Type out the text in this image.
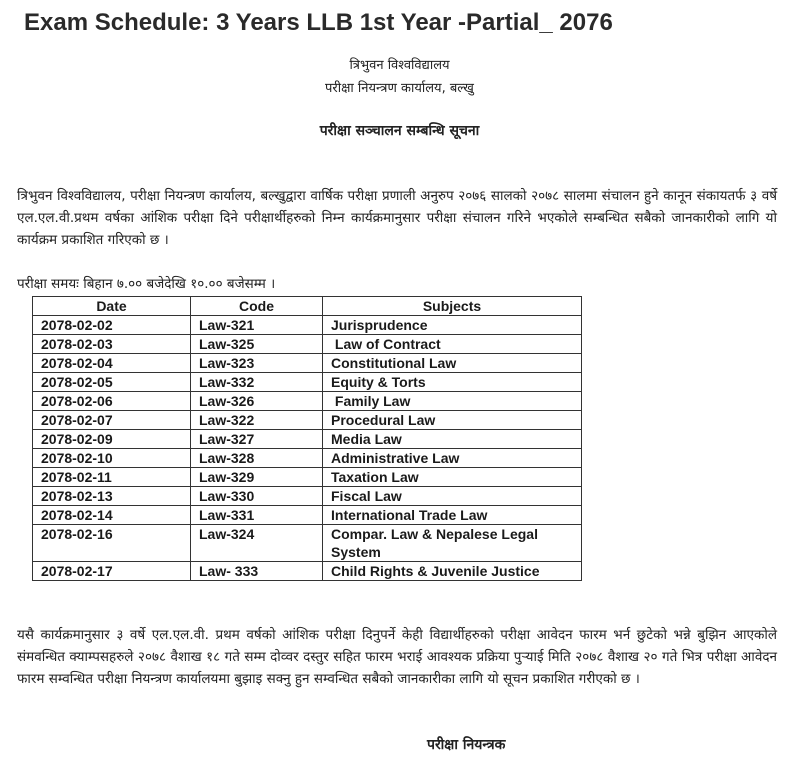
Exam Schedule: 3 Years LLB 1st Year -Partial_ 2076
त्रिभुवन विश्वविद्यालय
परीक्षा नियन्त्रण कार्यालय, बल्खु
परीक्षा सञ्चालन सम्बन्धि सूचना

त्रिभुवन विश्वविद्यालय, परीक्षा नियन्त्रण कार्यालय, बल्खुद्वारा वार्षिक परीक्षा प्रणाली अनुरुप २०७६ सालको २०७८ सालमा संचालन हुने कानून संकायतर्फ ३ वर्षे एल.एल.वी.प्रथम वर्षका आंशिक परीक्षा दिने परीक्षार्थीहरुको निम्न कार्यक्रमानुसार परीक्षा संचालन गरिने भएकोले सम्बन्धित सबैको जानकारीको लागि यो कार्यक्रम प्रकाशित गरिएको छ ।

परीक्षा समयः बिहान ७.०० बजेदेखि १०.०० बजेसम्म ।
Date	Code	Subjects
2078-02-02	Law-321	Jurisprudence
2078-02-03	Law-325	Law of Contract
2078-02-04	Law-323	Constitutional Law
2078-02-05	Law-332	Equity & Torts
2078-02-06	Law-326	Family Law
2078-02-07	Law-322	Procedural Law
2078-02-09	Law-327	Media Law
2078-02-10	Law-328	Administrative Law
2078-02-11	Law-329	Taxation Law
2078-02-13	Law-330	Fiscal Law
2078-02-14	Law-331	International Trade Law
2078-02-16	Law-324	Compar. Law & Nepalese Legal System
2078-02-17	Law- 333	Child Rights & Juvenile Justice

यसै कार्यक्रमानुसार ३ वर्षे एल.एल.वी. प्रथम वर्षको आंशिक परीक्षा दिनुपर्ने केही विद्यार्थीहरुको परीक्षा आवेदन फारम भर्न छुटेको भन्ने बुझिन आएकोले संमवन्धित क्याम्पसहरुले २०७८ वैशाख १८ गते सम्म दोव्वर दस्तुर सहित फारम भराई आवश्यक प्रक्रिया पुऱ्याई मिति २०७८ वैशाख २० गते भित्र परीक्षा आवेदन फारम सम्वन्धित परीक्षा नियन्त्रण कार्यालयमा बुझाइ सक्नु हुन सम्वन्धित सबैको जानकारीका लागि यो सूचन प्रकाशित गरीएको छ ।

परीक्षा नियन्त्रक
